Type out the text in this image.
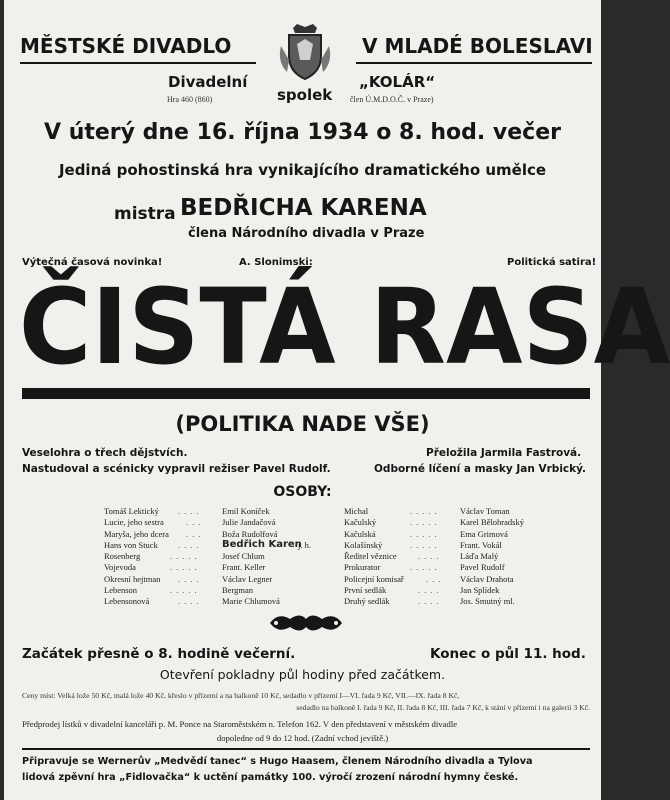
MĚSTSKÉ DIVADLO	V MLADÉ BOLESLAVI
Divadelní
Hra 460 (860)	spolek
„KOLÁR“
člen Ú.M.D.O.Č. v Praze)
V úterý dne 16. října 1934 o 8. hod. večer
Jediná pohostinská hra vynikajícího dramatického umělce
mistra BEDŘICHA KARENA
člena Národního divadla v Praze
Výtečná časová novinka!	A. Slonimski:	Politická satira!
ČISTÁ RASA
(POLITIKA NADE VŠE)
Veselohra o třech dějstvích.
Nastudoval a scénicky vypravil režiser Pavel Rudolf.
Přeložila Jarmila Fastrová.
Odborné líčení a masky Jan Vrbický.
OSOBY:
Tomáš Lektický .... Emil Koníček
Lucie, jeho sestra	... Julie Jandačová
Maryša, jeho dcera ... Boža Rudolfová
Hans von Stuck .... Bedřich Karen
j. h.
Rosenberg	.....	Josef Chlum
Vojevoda	.....	Frant. Keller
Okresní hejtman .... Václav Legner
Lebenson	.....	Bergman
Lebensonová	.... Marie Chlumová
Michal	..... Václav Toman
Kačulský	..... Karel Bělohradský
Kačulská	..... Ema Grimová
Kolašínský	..... Frant. Vokál
Ředitel věznice	.... Láďa Malý
Prokurator	..... Pavel Rudolf
Policejní komisař	... Václav Drahota
První sedlák	.... Jan Splídek
Druhý sedlák	.... Jos. Smutný ml.
Začátek přesně o 8. hodině večerní.	Konec o půl 11. hod.
Otevření pokladny půl hodiny před začátkem.
Ceny míst: Velká lože 50 Kč, malá lože 40 Kč, křeslo v přízemí a na balkoně 10 Kč, sedadlo v přízemí I—VI. řada 9 Kč, VII.—IX. řada 8 Kč,
sedadlo na balkoně I. řada 9 Kč, II. řada 8 Kč, III. řada 7 Kč, k stání v přízemí i na galerii 3 Kč.
Předprodej lístků v divadelní kanceláři p. M. Ponce na Staroměstském n. Telefon 162. V den představení v městském divadle
dopoledne od 9 do 12 hod. (Zadní vchod jeviště.)
Připravuje se Wernerův „Medvědí tanec“ s Hugo Haasem, členem Národního divadla a Tylova
lidová zpěvní hra „Fidlovačka“ k uctění památky 100. výročí zrození národní hymny české.
